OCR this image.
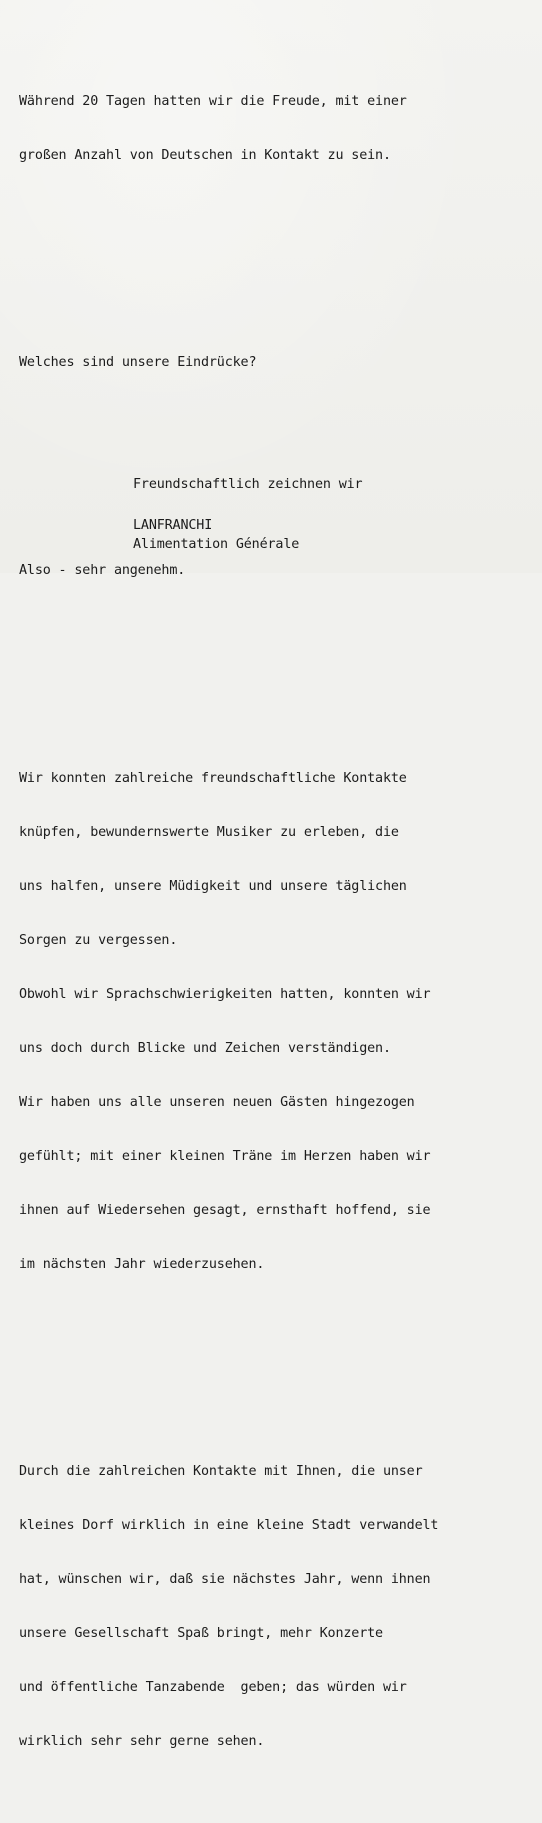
Während 20 Tagen hatten wir die Freude, mit einer

großen Anzahl von Deutschen in Kontakt zu sein.

Welches sind unsere Eindrücke?

Also - sehr angenehm.

Wir konnten zahlreiche freundschaftliche Kontakte

knüpfen, bewundernswerte Musiker zu erleben, die

uns halfen, unsere Müdigkeit und unsere täglichen

Sorgen zu vergessen.

Obwohl wir Sprachschwierigkeiten hatten, konnten wir

uns doch durch Blicke und Zeichen verständigen.

Wir haben uns alle unseren neuen Gästen hingezogen

gefühlt; mit einer kleinen Träne im Herzen haben wir

ihnen auf Wiedersehen gesagt, ernsthaft hoffend, sie

im nächsten Jahr wiederzusehen.

Durch die zahlreichen Kontakte mit Ihnen, die unser

kleines Dorf wirklich in eine kleine Stadt verwandelt

hat, wünschen wir, daß sie nächstes Jahr, wenn ihnen

unsere Gesellschaft Spaß bringt, mehr Konzerte

und öffentliche Tanzabende  geben; das würden wir

wirklich sehr sehr gerne sehen.

Freundschaftlich zeichnen wir
LANFRANCHI
Alimentation Générale
